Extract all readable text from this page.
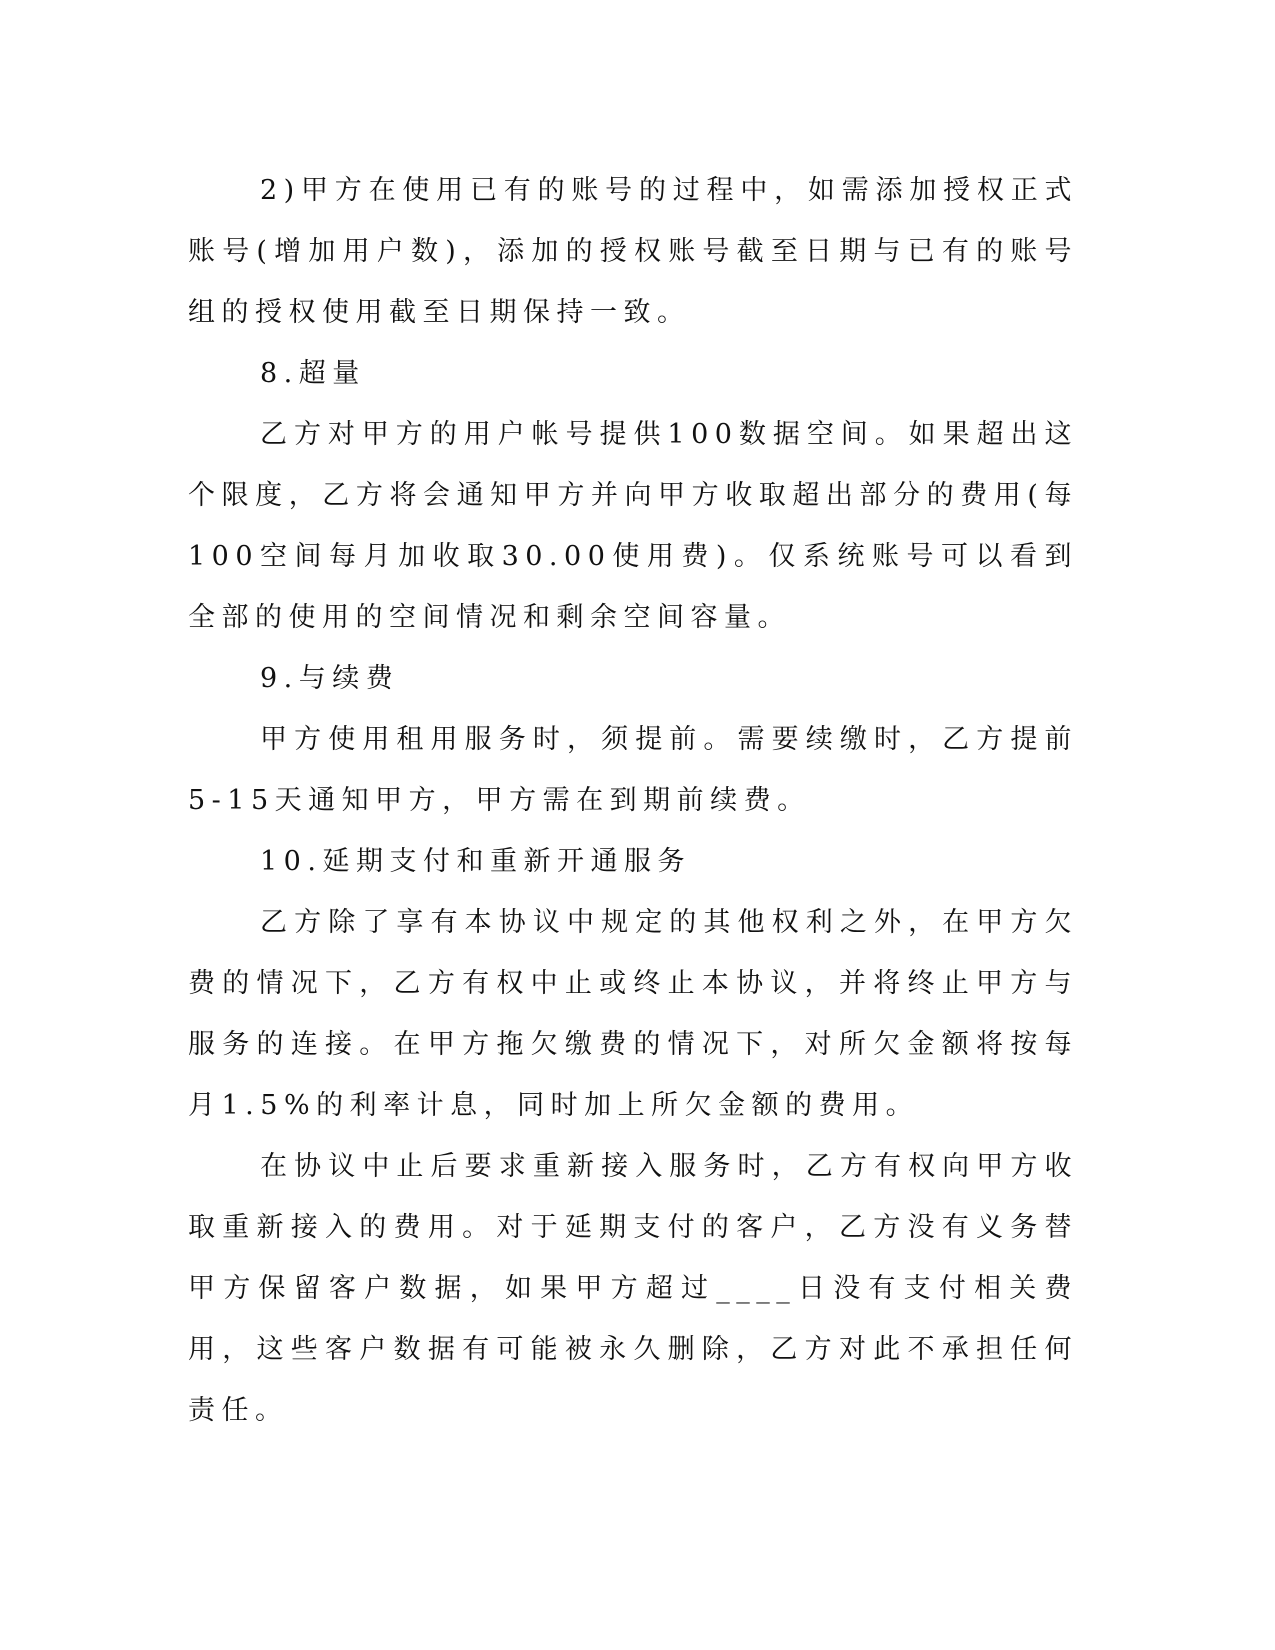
2)甲方在使用已有的账号的过程中，如需添加授权正式账号(增加用户数)，添加的授权账号截至日期与已有的账号组的授权使用截至日期保持一致。

8.超量

乙方对甲方的用户帐号提供100数据空间。如果超出这个限度，乙方将会通知甲方并向甲方收取超出部分的费用(每100空间每月加收取30.00使用费)。仅系统账号可以看到全部的使用的空间情况和剩余空间容量。

9.与续费

甲方使用租用服务时，须提前。需要续缴时，乙方提前5-15天通知甲方，甲方需在到期前续费。

10.延期支付和重新开通服务

乙方除了享有本协议中规定的其他权利之外，在甲方欠费的情况下，乙方有权中止或终止本协议，并将终止甲方与服务的连接。在甲方拖欠缴费的情况下，对所欠金额将按每月1.5%的利率计息，同时加上所欠金额的费用。

在协议中止后要求重新接入服务时，乙方有权向甲方收取重新接入的费用。对于延期支付的客户，乙方没有义务替甲方保留客户数据，如果甲方超过____日没有支付相关费用，这些客户数据有可能被永久删除，乙方对此不承担任何责任。
